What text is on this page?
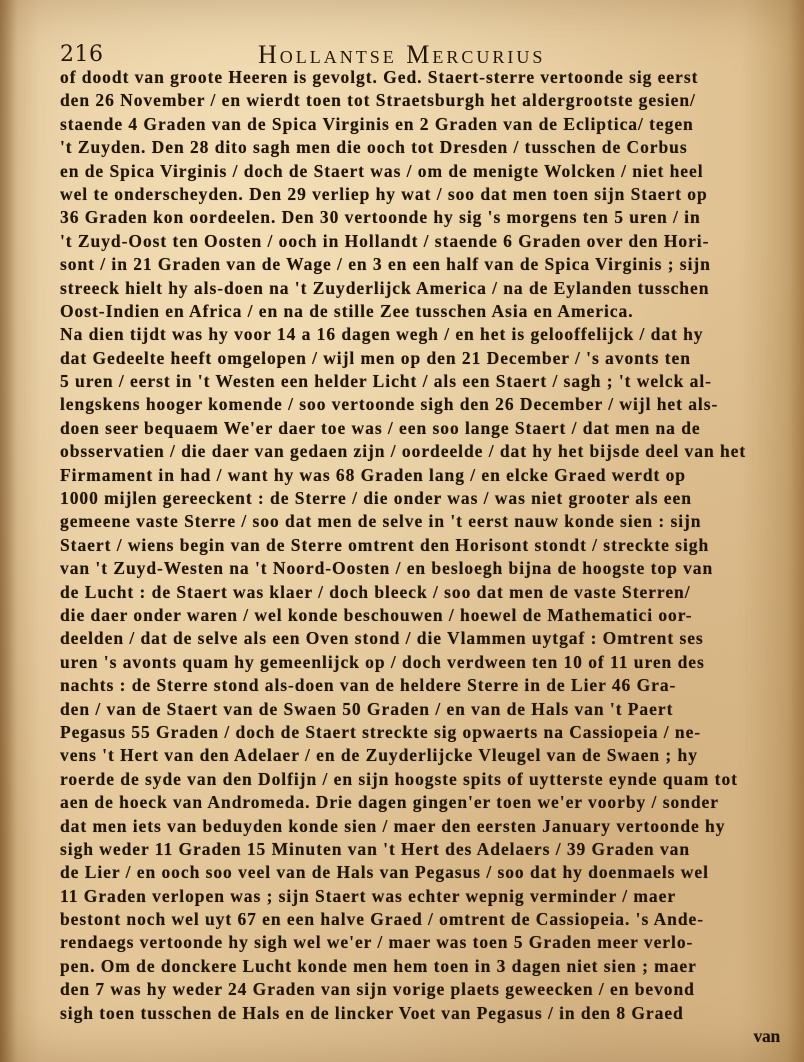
216	Hollantse Mercurius
of doodt van groote Heeren is gevolgt. Ged. Staert-sterre vertoonde sig eerst
den 26 November / en wierdt toen tot Straetsburgh het aldergrootste gesien/
staende 4 Graden van de Spica Virginis en 2 Graden van de Ecliptica/ tegen
't Zuyden. Den 28 dito sagh men die ooch tot Dresden / tusschen de Corbus
en de Spica Virginis / doch de Staert was / om de menigte Wolcken / niet heel
wel te onderscheyden. Den 29 verliep hy wat / soo dat men toen sijn Staert op
36 Graden kon oordeelen. Den 30 vertoonde hy sig 's morgens ten 5 uren / in
't Zuyd-Oost ten Oosten / ooch in Hollandt / staende 6 Graden over den Hori-
sont / in 21 Graden van de Wage / en 3 en een half van de Spica Virginis ; sijn
streeck hielt hy als-doen na 't Zuyderlijck America / na de Eylanden tusschen
Oost-Indien en Africa / en na de stille Zee tusschen Asia en America.
Na dien tijdt was hy voor 14 a 16 dagen wegh / en het is gelooffelijck / dat hy
dat Gedeelte heeft omgelopen / wijl men op den 21 December / 's avonts ten
5 uren / eerst in 't Westen een helder Licht / als een Staert / sagh ; 't welck al-
lengskens hooger komende / soo vertoonde sigh den 26 December / wijl het als-
doen seer bequaem We'er daer toe was / een soo lange Staert / dat men na de
obsservatien / die daer van gedaen zijn / oordeelde / dat hy het bijsde deel van het
Firmament in had / want hy was 68 Graden lang / en elcke Graed werdt op
1000 mijlen gereeckent : de Sterre / die onder was / was niet grooter als een
gemeene vaste Sterre / soo dat men de selve in 't eerst nauw konde sien : sijn
Staert / wiens begin van de Sterre omtrent den Horisont stondt / streckte sigh
van 't Zuyd-Westen na 't Noord-Oosten / en besloegh bijna de hoogste top van
de Lucht : de Staert was klaer / doch bleeck / soo dat men de vaste Sterren/
die daer onder waren / wel konde beschouwen / hoewel de Mathematici oor-
deelden / dat de selve als een Oven stond / die Vlammen uytgaf : Omtrent ses
uren 's avonts quam hy gemeenlijck op / doch verdween ten 10 of 11 uren des
nachts : de Sterre stond als-doen van de heldere Sterre in de Lier 46 Gra-
den / van de Staert van de Swaen 50 Graden / en van de Hals van 't Paert
Pegasus 55 Graden / doch de Staert streckte sig opwaerts na Cassiopeia / ne-
vens 't Hert van den Adelaer / en de Zuyderlijcke Vleugel van de Swaen ; hy
roerde de syde van den Dolfijn / en sijn hoogste spits of uytterste eynde quam tot
aen de hoeck van Andromeda. Drie dagen gingen'er toen we'er voorby / sonder
dat men iets van beduyden konde sien / maer den eersten January vertoonde hy
sigh weder 11 Graden 15 Minuten van 't Hert des Adelaers / 39 Graden van
de Lier / en ooch soo veel van de Hals van Pegasus / soo dat hy doenmaels wel
11 Graden verlopen was ; sijn Staert was echter wepnig verminder / maer
bestont noch wel uyt 67 en een halve Graed / omtrent de Cassiopeia. 's Ande-
rendaegs vertoonde hy sigh wel we'er / maer was toen 5 Graden meer verlo-
pen. Om de donckere Lucht konde men hem toen in 3 dagen niet sien ; maer
den 7 was hy weder 24 Graden van sijn vorige plaets geweecken / en bevond
sigh toen tusschen de Hals en de lincker Voet van Pegasus / in den 8 Graed
van
